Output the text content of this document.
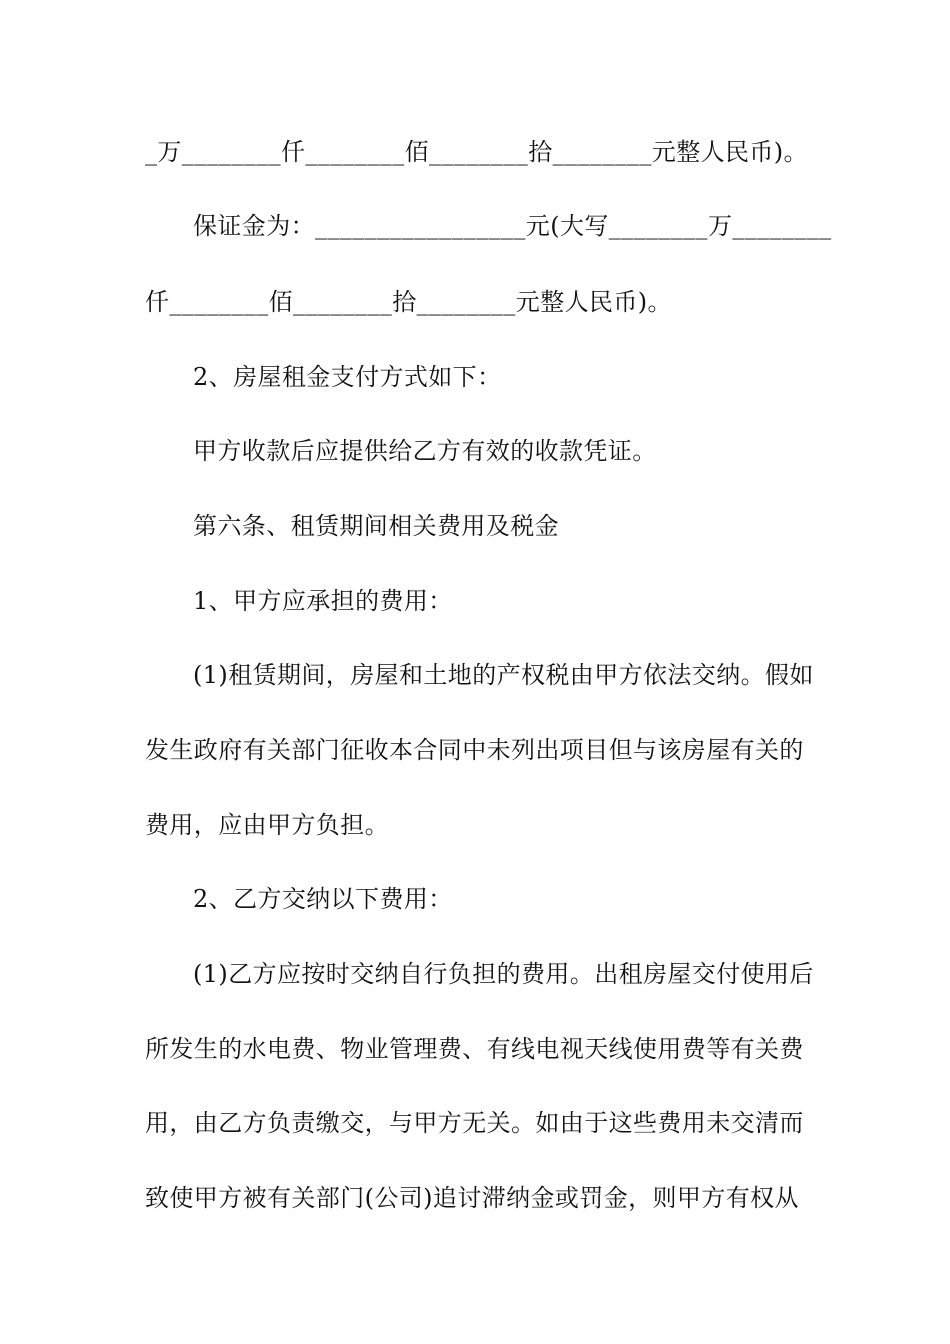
_万________仟________佰________拾________元整人民币)。
保证金为：_________________元(大写________万________
仟________佰________拾________元整人民币)。
2、房屋租金支付方式如下：
甲方收款后应提供给乙方有效的收款凭证。
第六条、租赁期间相关费用及税金
1、甲方应承担的费用：
(1)租赁期间，房屋和土地的产权税由甲方依法交纳。假如
发生政府有关部门征收本合同中未列出项目但与该房屋有关的
费用，应由甲方负担。
2、乙方交纳以下费用：
(1)乙方应按时交纳自行负担的费用。出租房屋交付使用后
所发生的水电费、物业管理费、有线电视天线使用费等有关费
用，由乙方负责缴交，与甲方无关。如由于这些费用未交清而
致使甲方被有关部门(公司)追讨滞纳金或罚金，则甲方有权从
